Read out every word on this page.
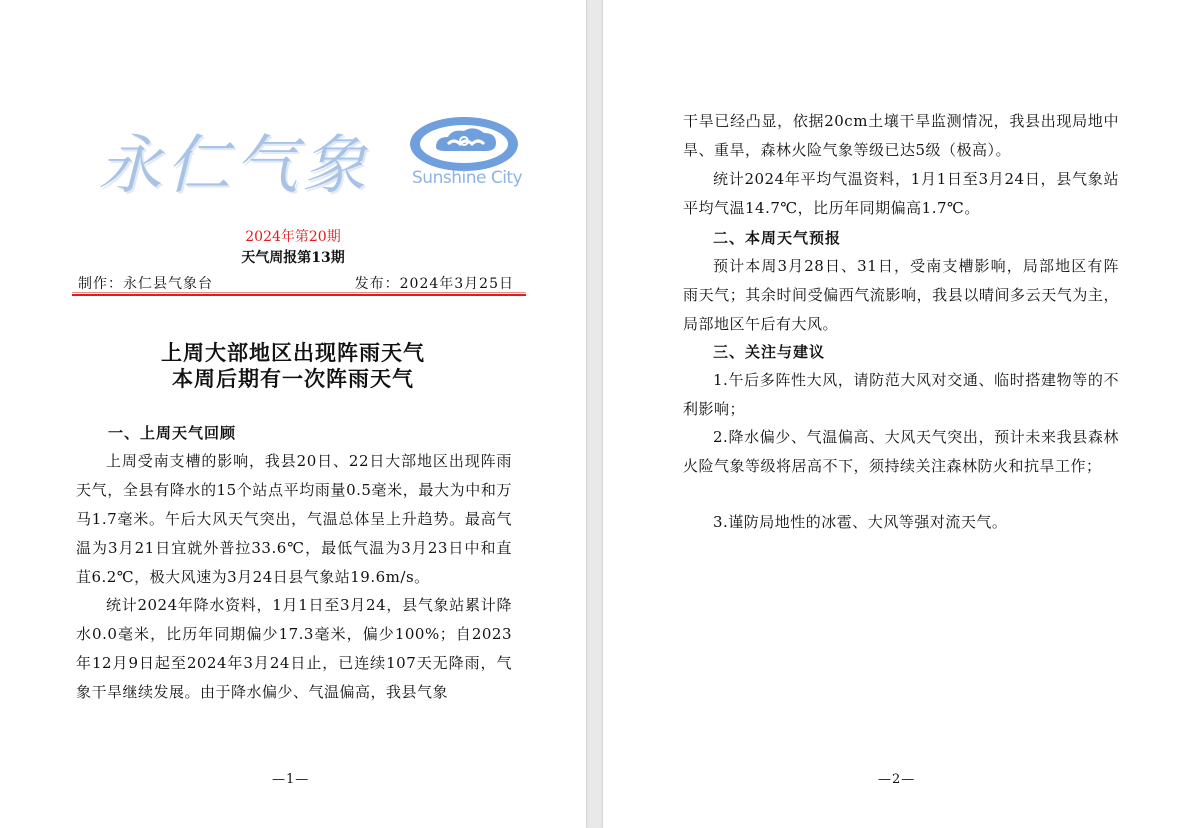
永仁气象 Sunshine City
2024年第20期
天气周报第13期
制作：永仁县气象台	发布：2024年3月25日
上周大部地区出现阵雨天气
本周后期有一次阵雨天气
一、上周天气回顾
上周受南支槽的影响，我县20日、22日大部地区出现阵雨天气，全县有降水的15个站点平均雨量0.5毫米，最大为中和万马1.7毫米。午后大风天气突出，气温总体呈上升趋势。最高气温为3月21日宜就外普拉33.6℃，最低气温为3月23日中和直苴6.2℃，极大风速为3月24日县气象站19.6m/s。
统计2024年降水资料，1月1日至3月24，县气象站累计降水0.0毫米，比历年同期偏少17.3毫米，偏少100%；自2023年12月9日起至2024年3月24日止，已连续107天无降雨，气象干旱继续发展。由于降水偏少、气温偏高，我县气象
—1—
干旱已经凸显，依据20cm土壤干旱监测情况，我县出现局地中旱、重旱，森林火险气象等级已达5级（极高）。
统计2024年平均气温资料，1月1日至3月24日，县气象站平均气温14.7℃，比历年同期偏高1.7℃。
二、本周天气预报
预计本周3月28日、31日，受南支槽影响，局部地区有阵雨天气；其余时间受偏西气流影响，我县以晴间多云天气为主，局部地区午后有大风。
三、关注与建议
1.午后多阵性大风，请防范大风对交通、临时搭建物等的不利影响；
2.降水偏少、气温偏高、大风天气突出，预计未来我县森林火险气象等级将居高不下，须持续关注森林防火和抗旱工作；
3.谨防局地性的冰雹、大风等强对流天气。
—2—
